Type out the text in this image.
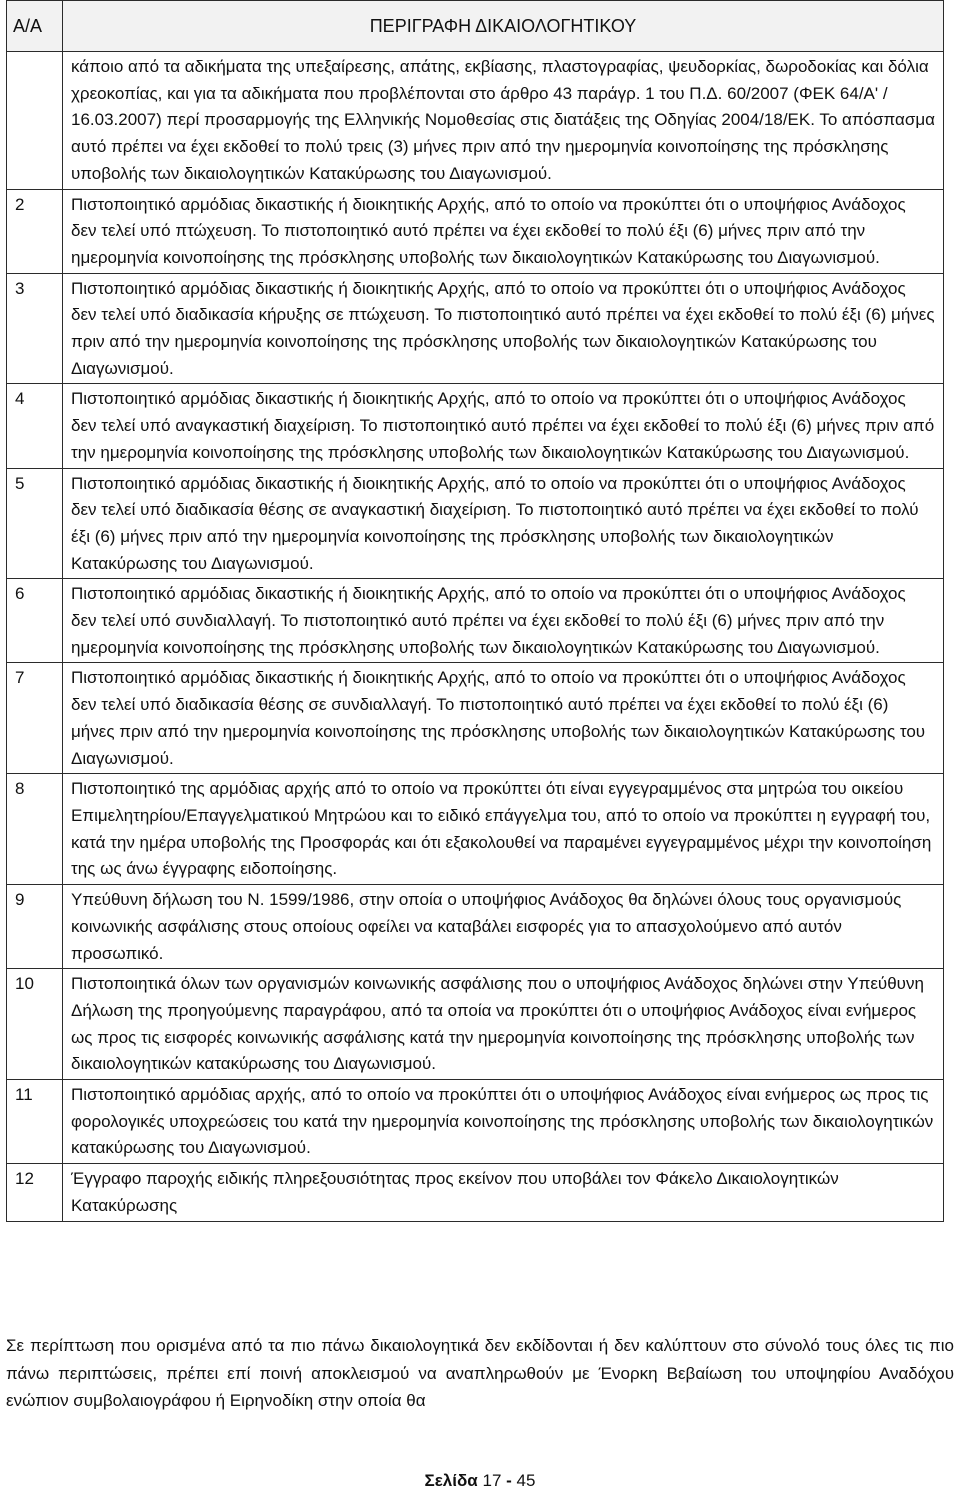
Α/Α	ΠΕΡΙΓΡΑΦΗ ΔΙΚΑΙΟΛΟΓΗΤΙΚΟΥ
	κάποιο από τα αδικήματα της υπεξαίρεσης, απάτης, εκβίασης, πλαστογραφίας, ψευδορκίας, δωροδοκίας και δόλια χρεοκοπίας, και για τα αδικήματα που προβλέπονται στο άρθρο 43 παράγρ. 1 του Π.Δ. 60/2007 (ΦΕΚ 64/Α' / 16.03.2007) περί προσαρμογής της Ελληνικής Νομοθεσίας στις διατάξεις της Οδηγίας 2004/18/ΕΚ. Το απόσπασμα αυτό πρέπει να έχει εκδοθεί το πολύ τρεις (3) μήνες πριν από την ημερομηνία κοινοποίησης της πρόσκλησης υποβολής των δικαιολογητικών Κατακύρωσης του Διαγωνισμού.
2	Πιστοποιητικό αρμόδιας δικαστικής ή διοικητικής Αρχής, από το οποίο να προκύπτει ότι ο υποψήφιος Ανάδοχος δεν τελεί υπό πτώχευση. Το πιστοποιητικό αυτό πρέπει να έχει εκδοθεί το πολύ έξι (6) μήνες πριν από την ημερομηνία κοινοποίησης της πρόσκλησης υποβολής των δικαιολογητικών Κατακύρωσης του Διαγωνισμού.
3	Πιστοποιητικό αρμόδιας δικαστικής ή διοικητικής Αρχής, από το οποίο να προκύπτει ότι ο υποψήφιος Ανάδοχος δεν τελεί υπό διαδικασία κήρυξης σε πτώχευση. Το πιστοποιητικό αυτό πρέπει να έχει εκδοθεί το πολύ έξι (6) μήνες πριν από την ημερομηνία κοινοποίησης της πρόσκλησης υποβολής των δικαιολογητικών Κατακύρωσης του Διαγωνισμού.
4	Πιστοποιητικό αρμόδιας δικαστικής ή διοικητικής Αρχής, από το οποίο να προκύπτει ότι ο υποψήφιος Ανάδοχος δεν τελεί υπό αναγκαστική διαχείριση. Το πιστοποιητικό αυτό πρέπει να έχει εκδοθεί το πολύ έξι (6) μήνες πριν από την ημερομηνία κοινοποίησης της πρόσκλησης υποβολής των δικαιολογητικών Κατακύρωσης του Διαγωνισμού.
5	Πιστοποιητικό αρμόδιας δικαστικής ή διοικητικής Αρχής, από το οποίο να προκύπτει ότι ο υποψήφιος Ανάδοχος δεν τελεί υπό διαδικασία θέσης σε αναγκαστική διαχείριση. Το πιστοποιητικό αυτό πρέπει να έχει εκδοθεί το πολύ έξι (6) μήνες πριν από την ημερομηνία κοινοποίησης της πρόσκλησης υποβολής των δικαιολογητικών Κατακύρωσης του Διαγωνισμού.
6	Πιστοποιητικό αρμόδιας δικαστικής ή διοικητικής Αρχής, από το οποίο να προκύπτει ότι ο υποψήφιος Ανάδοχος δεν τελεί υπό συνδιαλλαγή. Το πιστοποιητικό αυτό πρέπει να έχει εκδοθεί το πολύ έξι (6) μήνες πριν από την ημερομηνία κοινοποίησης της πρόσκλησης υποβολής των δικαιολογητικών Κατακύρωσης του Διαγωνισμού.
7	Πιστοποιητικό αρμόδιας δικαστικής ή διοικητικής Αρχής, από το οποίο να προκύπτει ότι ο υποψήφιος Ανάδοχος δεν τελεί υπό διαδικασία θέσης σε συνδιαλλαγή. Το πιστοποιητικό αυτό πρέπει να έχει εκδοθεί το πολύ έξι (6) μήνες πριν από την ημερομηνία κοινοποίησης της πρόσκλησης υποβολής των δικαιολογητικών Κατακύρωσης του Διαγωνισμού.
8	Πιστοποιητικό της αρμόδιας αρχής από το οποίο να προκύπτει ότι είναι εγγεγραμμένος στα μητρώα του οικείου Επιμελητηρίου/Επαγγελματικού Μητρώου και το ειδικό επάγγελμα του, από το οποίο να προκύπτει η εγγραφή του, κατά την ημέρα υποβολής της Προσφοράς και ότι εξακολουθεί να παραμένει εγγεγραμμένος μέχρι την κοινοποίηση της ως άνω έγγραφης ειδοποίησης.
9	Υπεύθυνη δήλωση του Ν. 1599/1986, στην οποία ο υποψήφιος Ανάδοχος θα δηλώνει όλους τους οργανισμούς κοινωνικής ασφάλισης στους οποίους οφείλει να καταβάλει εισφορές για το απασχολούμενο από αυτόν προσωπικό.
10	Πιστοποιητικά όλων των οργανισμών κοινωνικής ασφάλισης που ο υποψήφιος Ανάδοχος δηλώνει στην Υπεύθυνη Δήλωση της προηγούμενης παραγράφου, από τα οποία να προκύπτει ότι ο υποψήφιος Ανάδοχος είναι ενήμερος ως προς τις εισφορές κοινωνικής ασφάλισης κατά την ημερομηνία κοινοποίησης της πρόσκλησης υποβολής των δικαιολογητικών κατακύρωσης του Διαγωνισμού.
11	Πιστοποιητικό αρμόδιας αρχής, από το οποίο να προκύπτει ότι ο υποψήφιος Ανάδοχος είναι ενήμερος ως προς τις φορολογικές υποχρεώσεις του κατά την ημερομηνία κοινοποίησης της πρόσκλησης υποβολής των δικαιολογητικών κατακύρωσης του Διαγωνισμού.
12	Έγγραφο παροχής ειδικής πληρεξουσιότητας προς εκείνον που υποβάλει τον Φάκελο Δικαιολογητικών Κατακύρωσης

Σε περίπτωση που ορισμένα από τα πιο πάνω δικαιολογητικά δεν εκδίδονται ή δεν καλύπτουν στο σύνολό τους όλες τις πιο πάνω περιπτώσεις, πρέπει επί ποινή αποκλεισμού να αναπληρωθούν με Ένορκη Βεβαίωση του υποψηφίου Αναδόχου ενώπιον συμβολαιογράφου ή Ειρηνοδίκη στην οποία θα

Σελίδα 17 - 45
